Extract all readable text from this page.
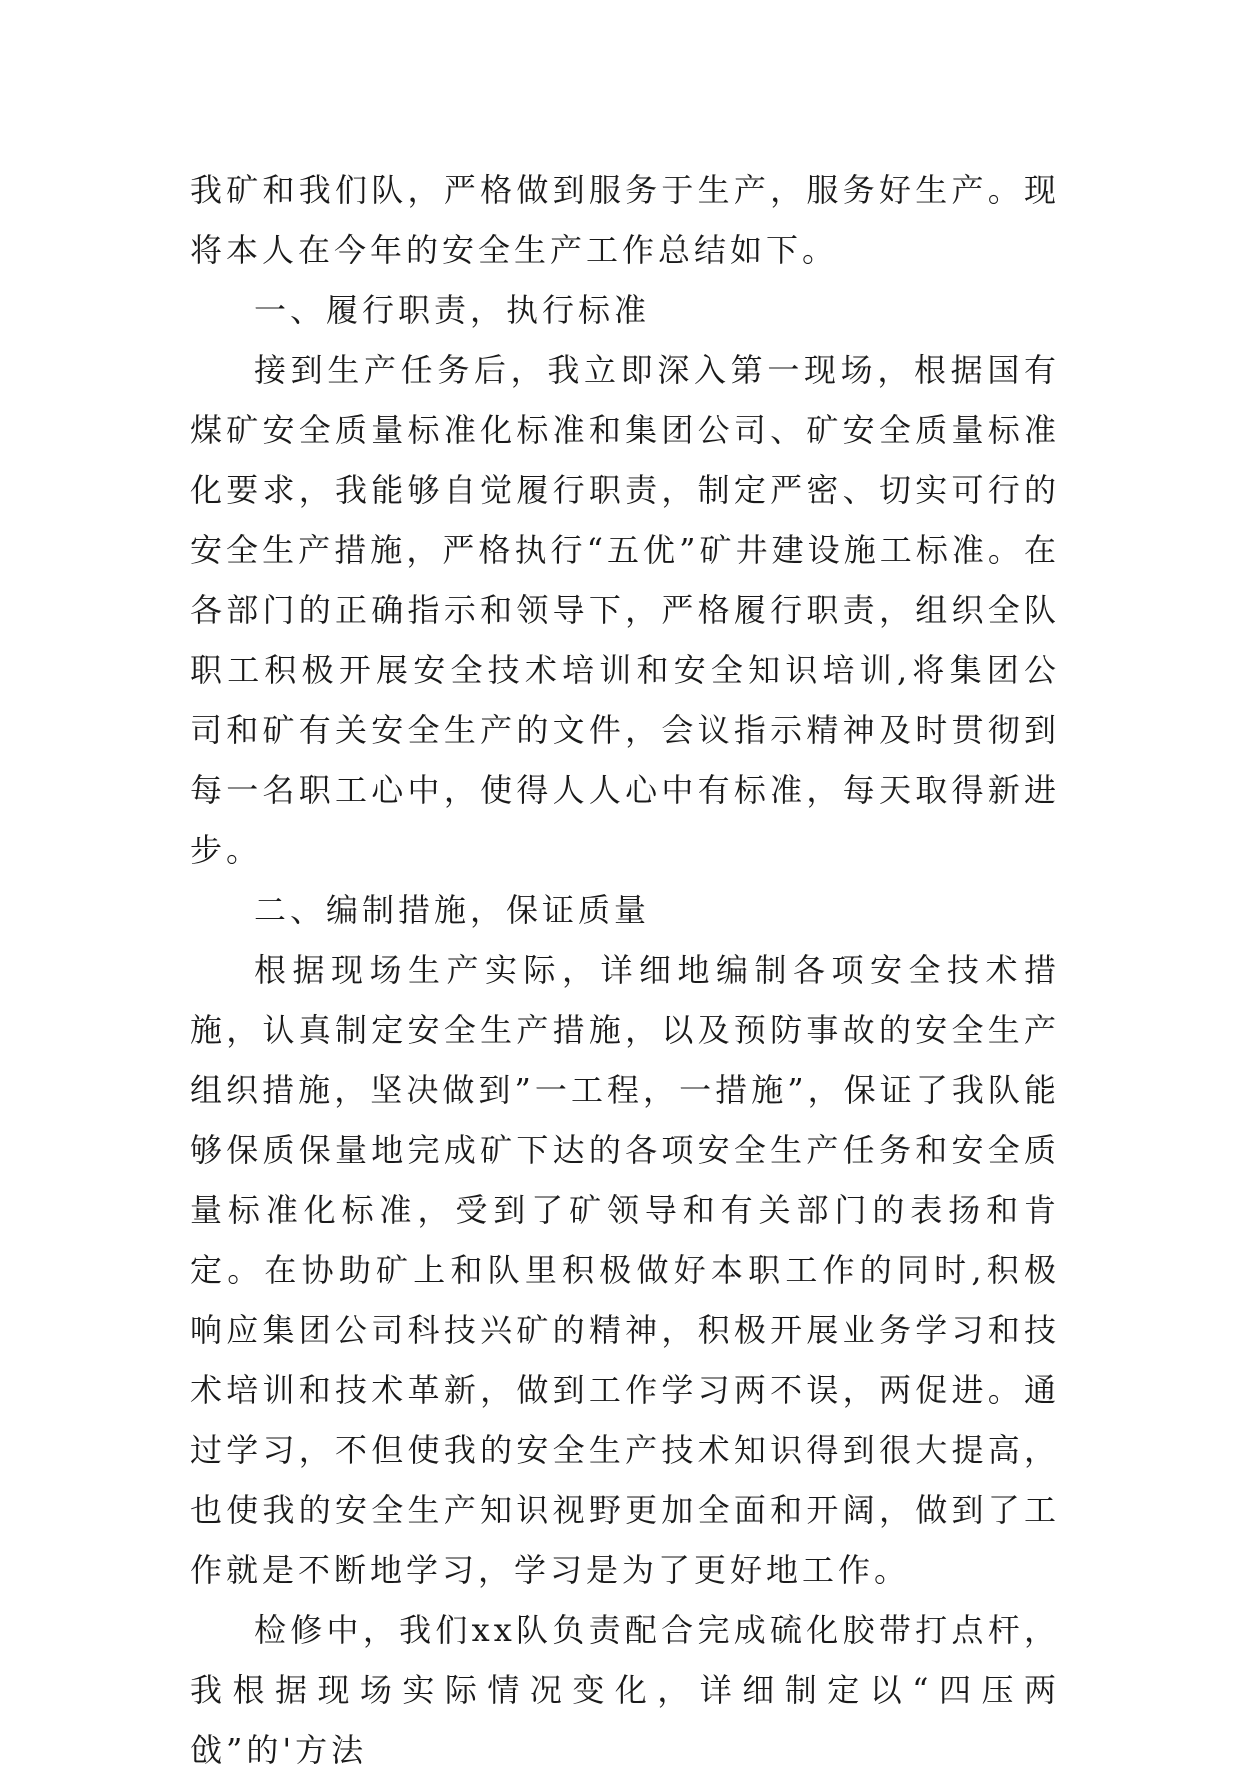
我矿和我们队，严格做到服务于生产，服务好生产。现将本人在今年的安全生产工作总结如下。

一、履行职责，执行标准

接到生产任务后，我立即深入第一现场，根据国有煤矿安全质量标准化标准和集团公司、矿安全质量标准化要求，我能够自觉履行职责，制定严密、切实可行的安全生产措施，严格执行“五优”矿井建设施工标准。在各部门的正确指示和领导下，严格履行职责，组织全队职工积极开展安全技术培训和安全知识培训,将集团公司和矿有关安全生产的文件，会议指示精神及时贯彻到每一名职工心中，使得人人心中有标准，每天取得新进步。

二、编制措施，保证质量

根据现场生产实际，详细地编制各项安全技术措施，认真制定安全生产措施，以及预防事故的安全生产组织措施，坚决做到”一工程，一措施”，保证了我队能够保质保量地完成矿下达的各项安全生产任务和安全质量标准化标准，受到了矿领导和有关部门的表扬和肯定。在协助矿上和队里积极做好本职工作的同时,积极响应集团公司科技兴矿的精神，积极开展业务学习和技术培训和技术革新，做到工作学习两不误，两促进。通过学习，不但使我的安全生产技术知识得到很大提高，也使我的安全生产知识视野更加全面和开阔，做到了工作就是不断地学习，学习是为了更好地工作。

检修中，我们xx队负责配合完成硫化胶带打点杆，我根据现场实际情况变化，详细制定以“四压两戗”的'方法
